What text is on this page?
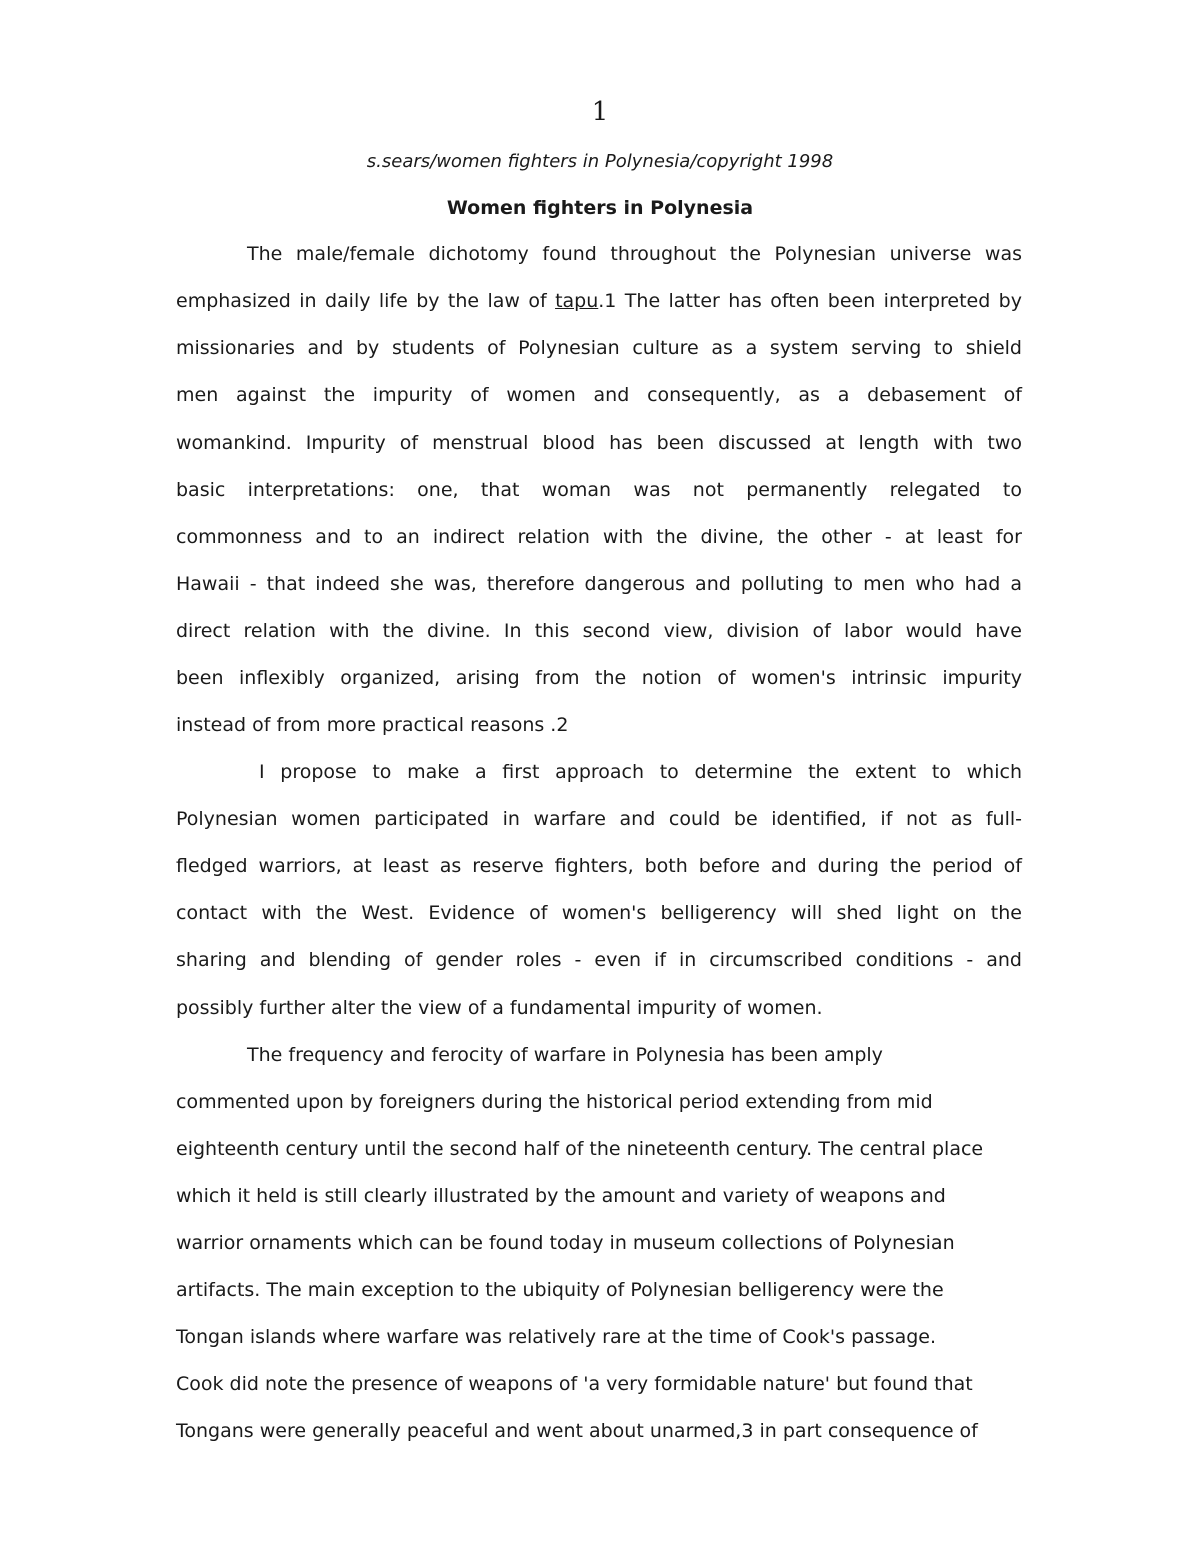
1
s.sears/women fighters in Polynesia/copyright 1998
Women fighters in Polynesia
The male/female dichotomy found throughout the Polynesian universe was
emphasized in daily life by the law of tapu.1 The latter has often been interpreted by
missionaries and by students of Polynesian culture as a system serving to shield
men against the impurity of women and consequently, as a debasement of
womankind. Impurity of menstrual blood has been discussed at length with two
basic interpretations: one, that woman was not permanently relegated to
commonness and to an indirect relation with the divine, the other - at least for
Hawaii - that indeed she was, therefore dangerous and polluting to men who had a
direct relation with the divine. In this second view, division of labor would have
been inflexibly organized, arising from the notion of women's intrinsic impurity
instead of from more practical reasons .2
I propose to make a first approach to determine the extent to which
Polynesian women participated in warfare and could be identified, if not as full-
fledged warriors, at least as reserve fighters, both before and during the period of
contact with the West. Evidence of women's belligerency will shed light on the
sharing and blending of gender roles - even if in circumscribed conditions - and
possibly further alter the view of a fundamental impurity of women.
The frequency and ferocity of warfare in Polynesia has been amply
commented upon by foreigners during the historical period extending from mid
eighteenth century until the second half of the nineteenth century. The central place
which it held is still clearly illustrated by the amount and variety of weapons and
warrior ornaments which can be found today in museum collections of Polynesian
artifacts. The main exception to the ubiquity of Polynesian belligerency were the
Tongan islands where warfare was relatively rare at the time of Cook's passage.
Cook did note the presence of weapons of 'a very formidable nature' but found that
Tongans were generally peaceful and went about unarmed,3 in part consequence of
